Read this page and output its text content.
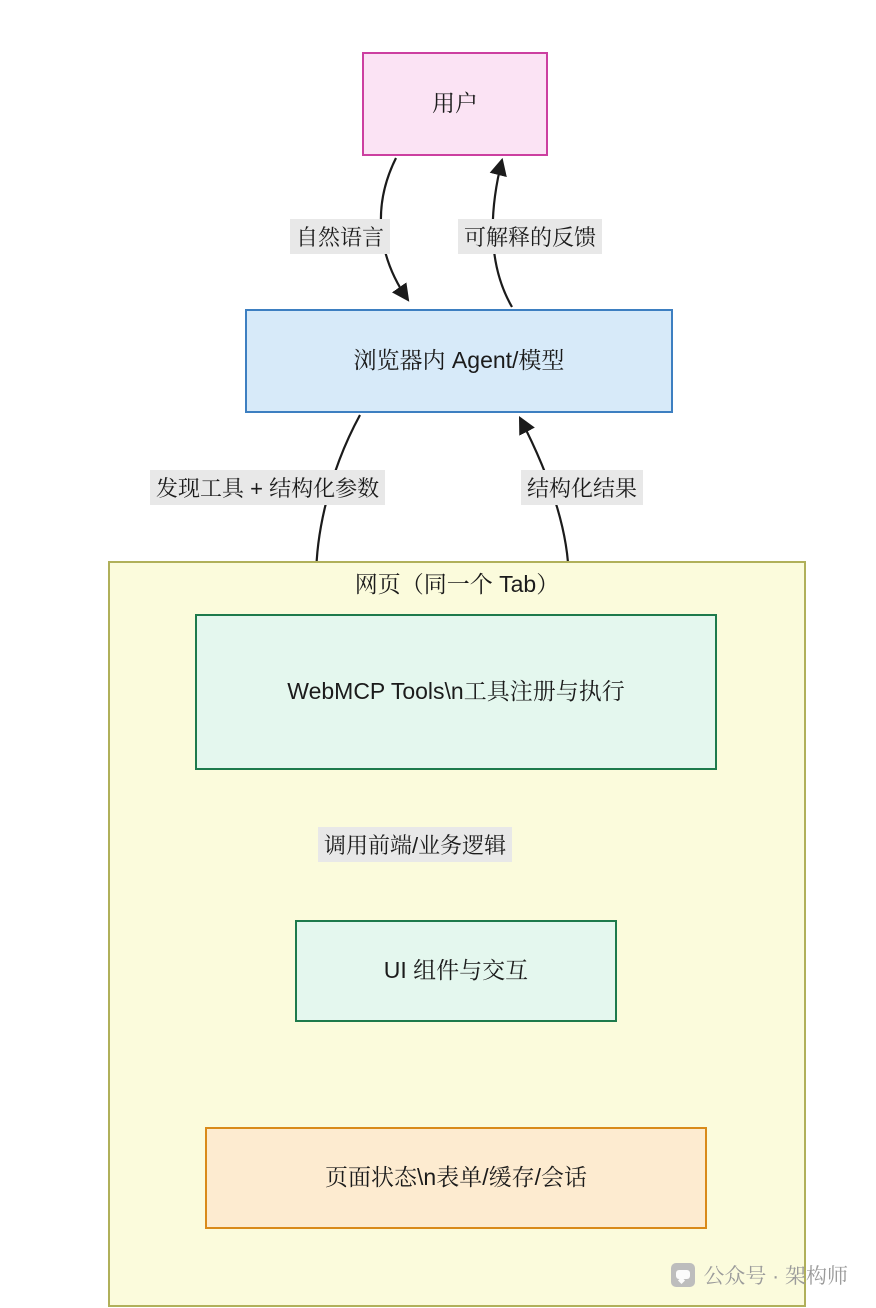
用户
浏览器内 Agent/模型
网页（同一个 Tab）
WebMCP Tools\n工具注册与执行
UI 组件与交互
页面状态\n表单/缓存/会话
自然语言	可解释的反馈
发现工具 + 结构化参数	结构化结果
调用前端/业务逻辑
公众号 · 架构师
